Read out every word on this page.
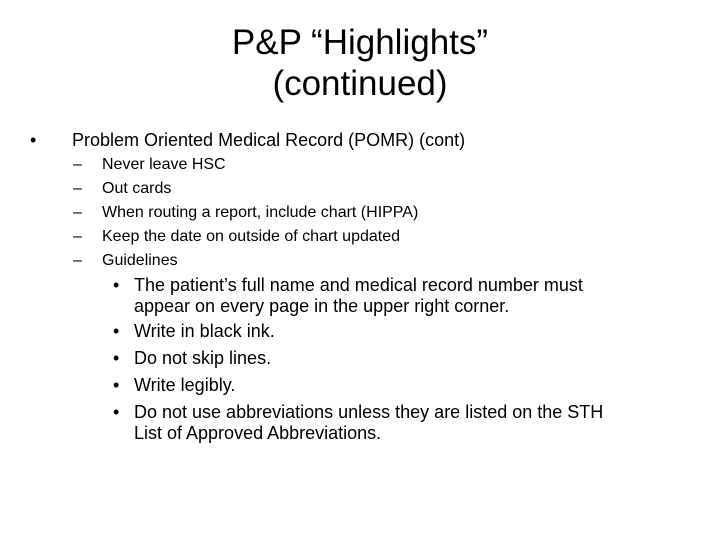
P&P “Highlights”
(continued)
• Problem Oriented Medical Record (POMR) (cont)
– Never leave HSC
– Out cards
– When routing a report, include chart (HIPPA)
– Keep the date on outside of chart updated
– Guidelines
• The patient’s full name and medical record number must
appear on every page in the upper right corner.
• Write in black ink.
• Do not skip lines.
• Write legibly.
• Do not use abbreviations unless they are listed on the STH
List of Approved Abbreviations.
